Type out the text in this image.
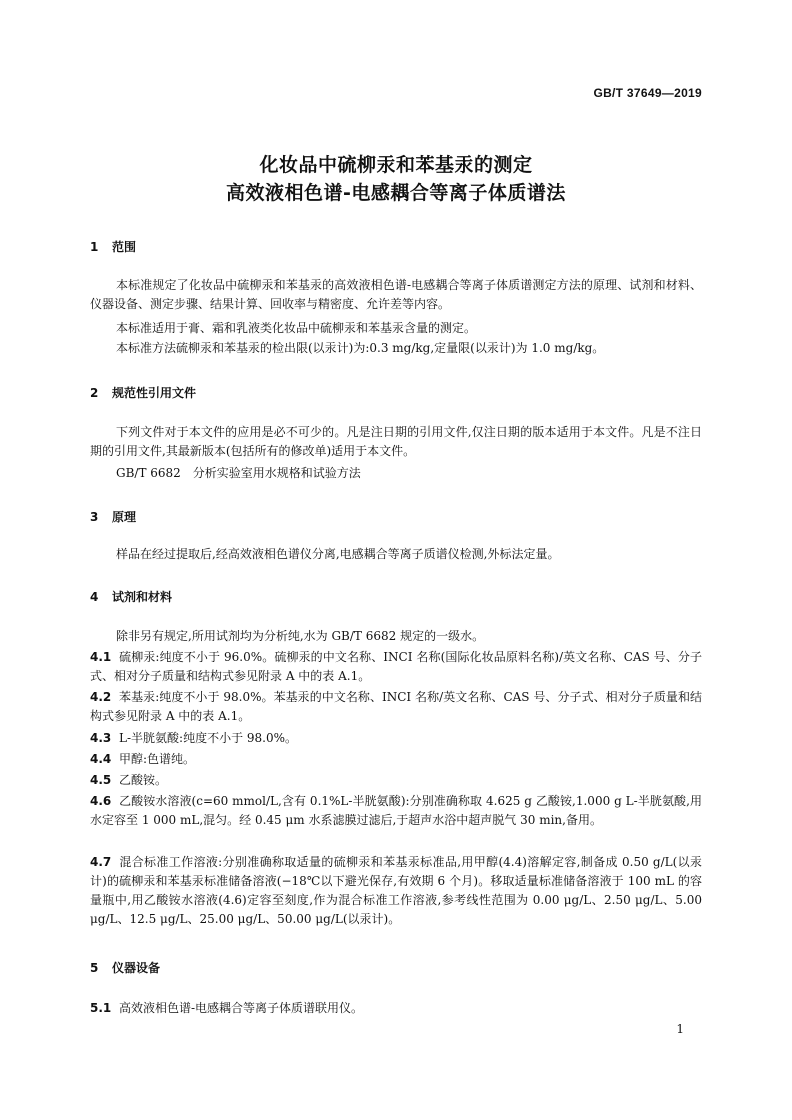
GB/T 37649—2019
化妆品中硫柳汞和苯基汞的测定
高效液相色谱-电感耦合等离子体质谱法
1 范围
本标准规定了化妆品中硫柳汞和苯基汞的高效液相色谱-电感耦合等离子体质谱测定方法的原理、试剂和材料、仪器设备、测定步骤、结果计算、回收率与精密度、允许差等内容。
本标准适用于膏、霜和乳液类化妆品中硫柳汞和苯基汞含量的测定。
本标准方法硫柳汞和苯基汞的检出限(以汞计)为:0.3 mg/kg,定量限(以汞计)为 1.0 mg/kg。
2 规范性引用文件
下列文件对于本文件的应用是必不可少的。凡是注日期的引用文件,仅注日期的版本适用于本文件。凡是不注日期的引用文件,其最新版本(包括所有的修改单)适用于本文件。
GB/T 6682　分析实验室用水规格和试验方法
3 原理
样品在经过提取后,经高效液相色谱仪分离,电感耦合等离子质谱仪检测,外标法定量。
4 试剂和材料
除非另有规定,所用试剂均为分析纯,水为 GB/T 6682 规定的一级水。
4.1 硫柳汞:纯度不小于 96.0%。硫柳汞的中文名称、INCI 名称(国际化妆品原料名称)/英文名称、CAS 号、分子式、相对分子质量和结构式参见附录 A 中的表 A.1。
4.2 苯基汞:纯度不小于 98.0%。苯基汞的中文名称、INCI 名称/英文名称、CAS 号、分子式、相对分子质量和结构式参见附录 A 中的表 A.1。
4.3 L-半胱氨酸:纯度不小于 98.0%。
4.4 甲醇:色谱纯。
4.5 乙酸铵。
4.6 乙酸铵水溶液(c=60 mmol/L,含有 0.1%L-半胱氨酸):分别准确称取 4.625 g 乙酸铵,1.000 g L-半胱氨酸,用水定容至 1 000 mL,混匀。经 0.45 μm 水系滤膜过滤后,于超声水浴中超声脱气 30 min,备用。
4.7 混合标准工作溶液:分别准确称取适量的硫柳汞和苯基汞标准品,用甲醇(4.4)溶解定容,制备成 0.50 g/L(以汞计)的硫柳汞和苯基汞标准储备溶液(−18℃以下避光保存,有效期 6 个月)。移取适量标准储备溶液于 100 mL 的容量瓶中,用乙酸铵水溶液(4.6)定容至刻度,作为混合标准工作溶液,参考线性范围为 0.00 μg/L、2.50 μg/L、5.00 μg/L、12.5 μg/L、25.00 μg/L、50.00 μg/L(以汞计)。
5 仪器设备
5.1 高效液相色谱-电感耦合等离子体质谱联用仪。
1
